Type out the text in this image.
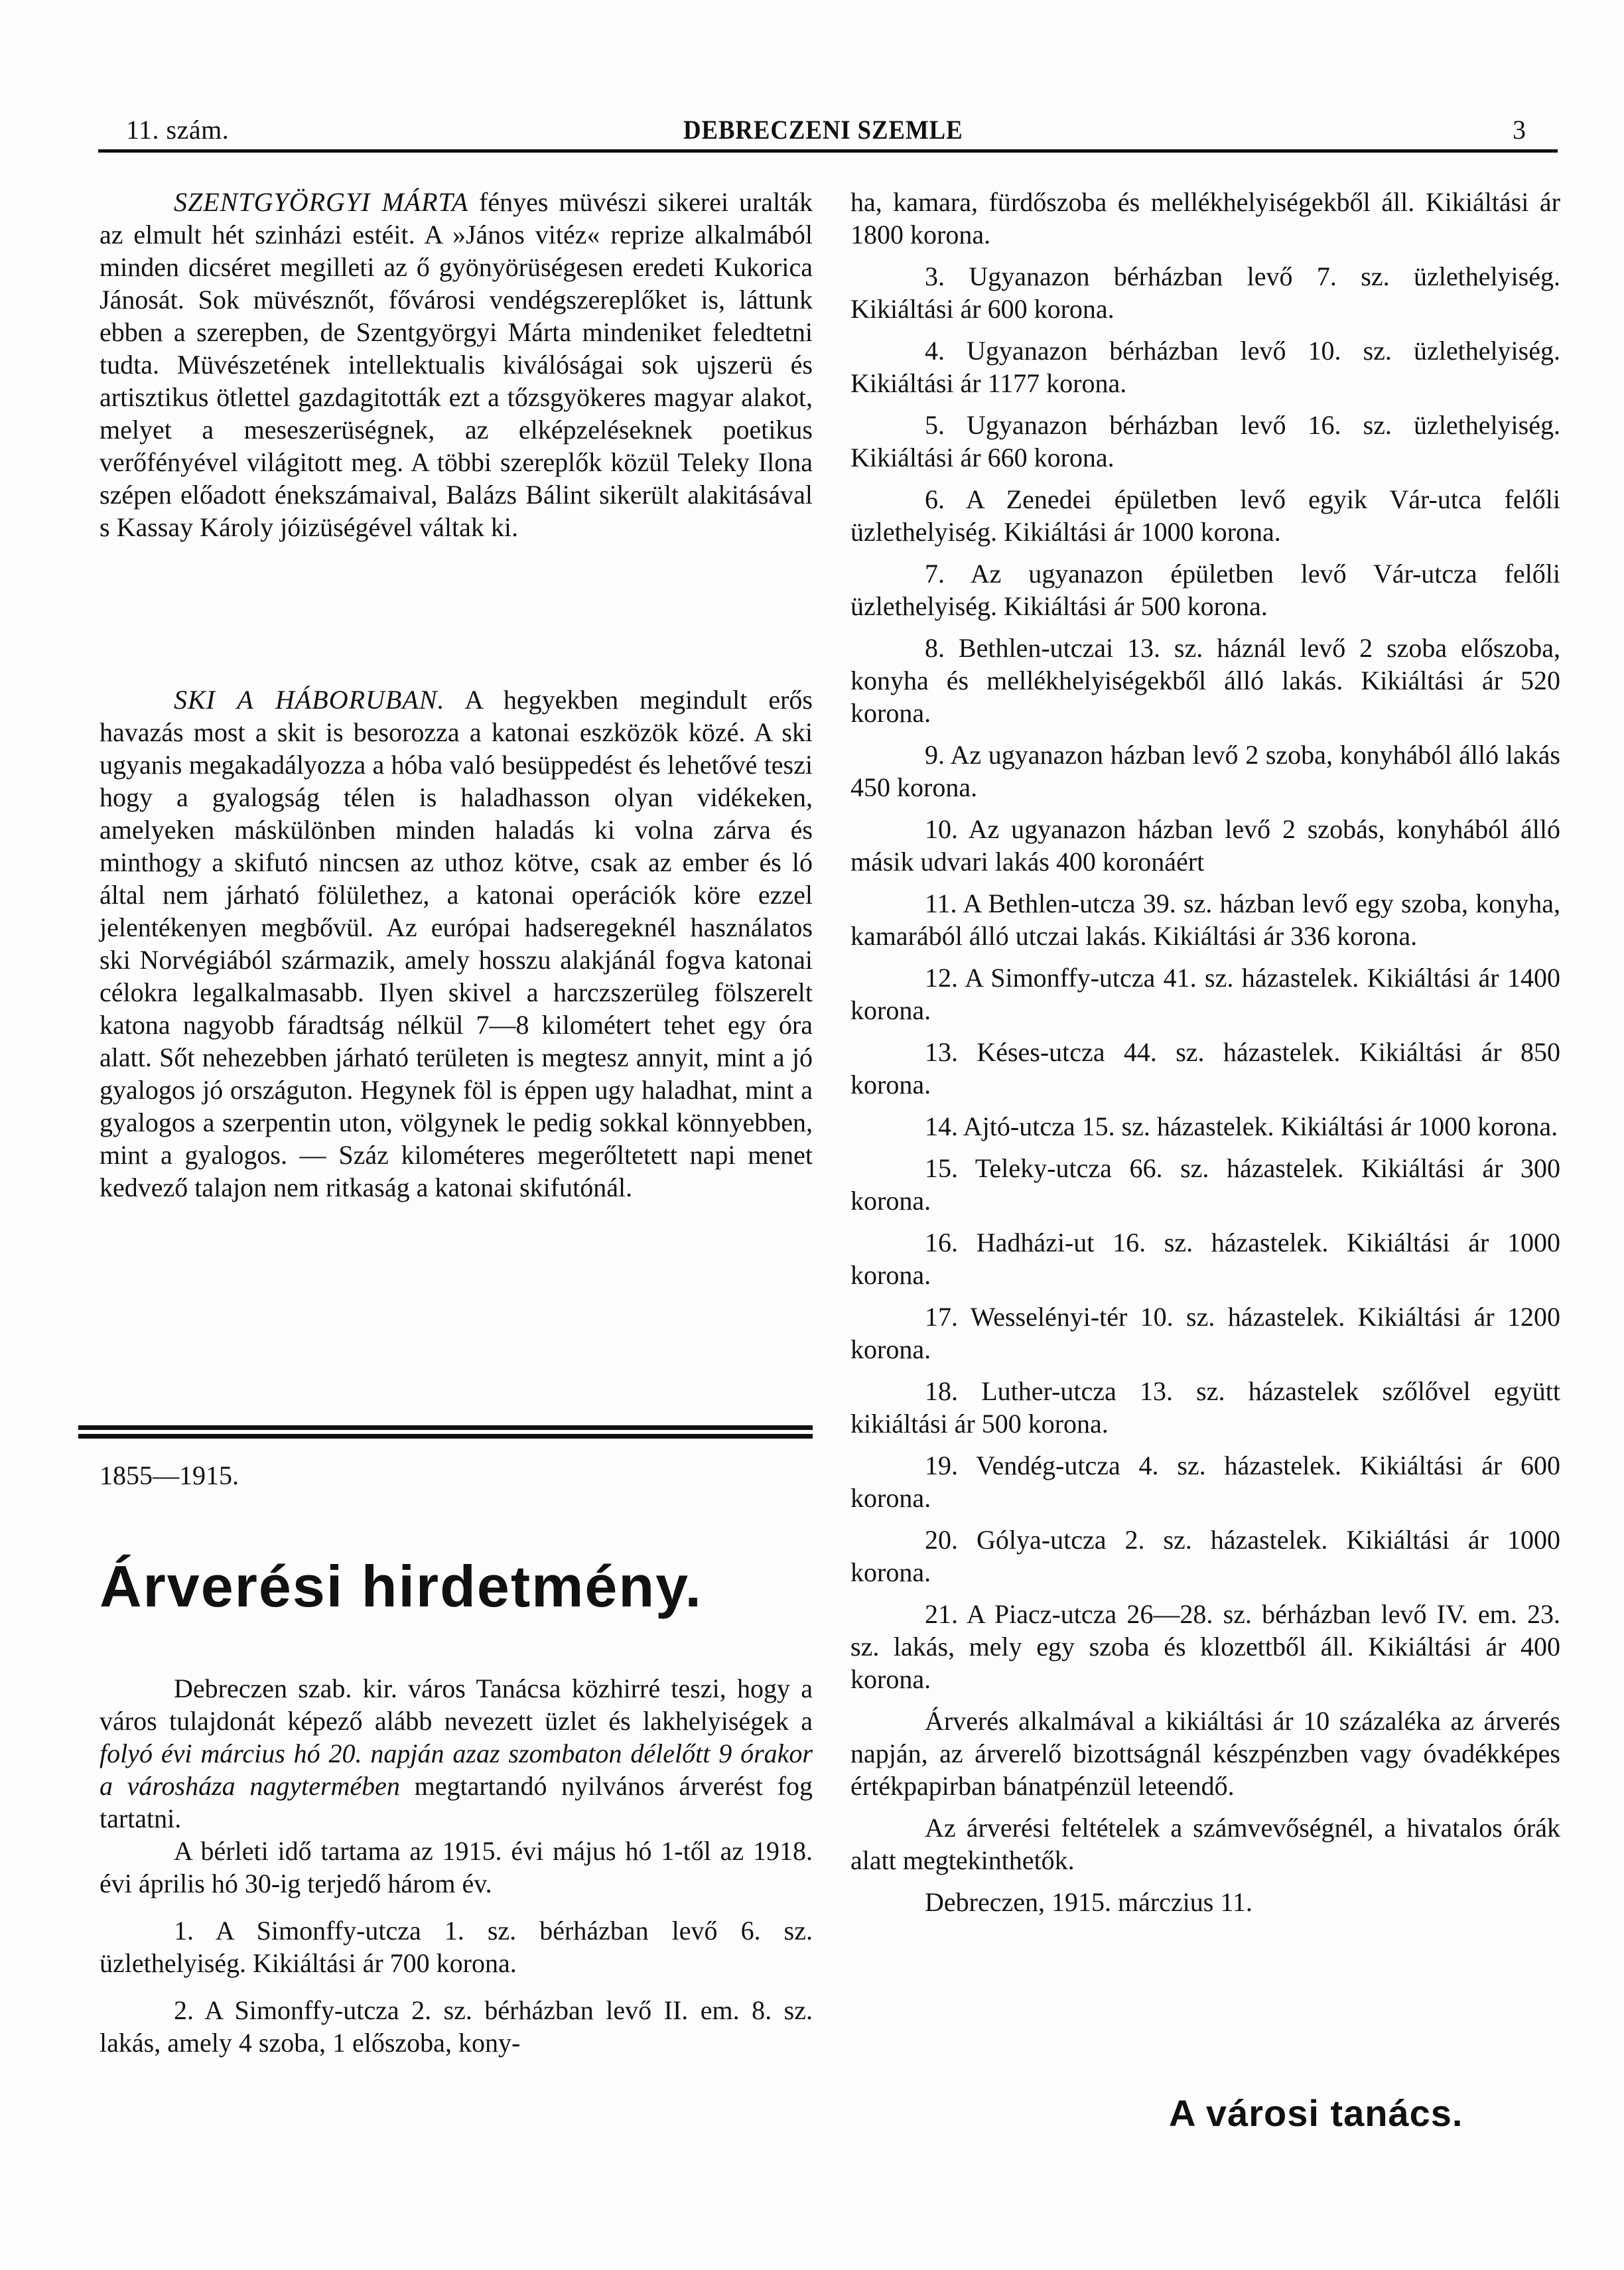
11. szám.	DEBRECZENI SZEMLE	3

SZENTGYÖRGYI MÁRTA fényes müvészi sikerei uralták az elmult hét szinházi estéit. A »János vitéz« reprize alkalmából minden dicséret megilleti az ő gyönyörüségesen eredeti Kukorica Jánosát. Sok müvésznőt, fővárosi vendégszereplőket is, láttunk ebben a szerepben, de Szentgyörgyi Márta mindeniket feledtetni tudta. Müvészetének intellektualis kiválóságai sok ujszerü és artisztikus ötlettel gazdagitották ezt a tőzsgyökeres magyar alakot, melyet a meseszerüségnek, az elképzeléseknek poetikus verőfényével világitott meg. A többi szereplők közül Teleky Ilona szépen előadott énekszámaival, Balázs Bálint sikerült alakitásával s Kassay Károly jóizüségével váltak ki.

SKI A HÁBORUBAN. A hegyekben megindult erős havazás most a skit is besorozza a katonai eszközök közé. A ski ugyanis megakadályozza a hóba való besüppedést és lehetővé teszi hogy a gyalogság télen is haladhasson olyan vidékeken, amelyeken máskülönben minden haladás ki volna zárva és minthogy a skifutó nincsen az uthoz kötve, csak az ember és ló által nem járható fölülethez, a katonai operációk köre ezzel jelentékenyen megbővül. Az európai hadseregeknél használatos ski Norvégiából származik, amely hosszu alakjánál fogva katonai célokra legalkalmasabb. Ilyen skivel a harczszerüleg fölszerelt katona nagyobb fáradtság nélkül 7—8 kilométert tehet egy óra alatt. Sőt nehezebben járható területen is megtesz annyit, mint a jó gyalogos jó országuton. Hegynek föl is éppen ugy haladhat, mint a gyalogos a szerpentin uton, völgynek le pedig sokkal könnyebben, mint a gyalogos. — Száz kilométeres megerőltetett napi menet kedvező talajon nem ritkaság a katonai skifutónál.

1855—1915.
Árverési hirdetmény.

Debreczen szab. kir. város Tanácsa közhirré teszi, hogy a város tulajdonát képező alább nevezett üzlet és lakhelyiségek a folyó évi március hó 20. napján azaz szombaton délelőtt 9 órakor a városháza nagytermében megtartandó nyilvános árverést fog tartatni.

A bérleti idő tartama az 1915. évi május hó 1-től az 1918. évi április hó 30-ig terjedő három év.

1. A Simonffy-utcza 1. sz. bérházban levő 6. sz. üzlethelyiség. Kikiáltási ár 700 korona.

2. A Simonffy-utcza 2. sz. bérházban levő II. em. 8. sz. lakás, amely 4 szoba, 1 előszoba, kony-

ha, kamara, fürdőszoba és mellékhelyiségekből áll. Kikiáltási ár 1800 korona.

3. Ugyanazon bérházban levő 7. sz. üzlethelyiség. Kikiáltási ár 600 korona.

4. Ugyanazon bérházban levő 10. sz. üzlethelyiség. Kikiáltási ár 1177 korona.

5. Ugyanazon bérházban levő 16. sz. üzlethelyiség. Kikiáltási ár 660 korona.

6. A Zenedei épületben levő egyik Vár-utca felőli üzlethelyiség. Kikiáltási ár 1000 korona.

7. Az ugyanazon épületben levő Vár-utcza felőli üzlethelyiség. Kikiáltási ár 500 korona.

8. Bethlen-utczai 13. sz. háznál levő 2 szoba előszoba, konyha és mellékhelyiségekből álló lakás. Kikiáltási ár 520 korona.

9. Az ugyanazon házban levő 2 szoba, konyhából álló lakás 450 korona.

10. Az ugyanazon házban levő 2 szobás, konyhából álló másik udvari lakás 400 koronáért

11. A Bethlen-utcza 39. sz. házban levő egy szoba, konyha, kamarából álló utczai lakás. Kikiáltási ár 336 korona.

12. A Simonffy-utcza 41. sz. házastelek. Kikiáltási ár 1400 korona.

13. Késes-utcza 44. sz. házastelek. Kikiáltási ár 850 korona.

14. Ajtó-utcza 15. sz. házastelek. Kikiáltási ár 1000 korona.

15. Teleky-utcza 66. sz. házastelek. Kikiáltási ár 300 korona.

16. Hadházi-ut 16. sz. házastelek. Kikiáltási ár 1000 korona.

17. Wesselényi-tér 10. sz. házastelek. Kikiáltási ár 1200 korona.

18. Luther-utcza 13. sz. házastelek szőlővel együtt kikiáltási ár 500 korona.

19. Vendég-utcza 4. sz. házastelek. Kikiáltási ár 600 korona.

20. Gólya-utcza 2. sz. házastelek. Kikiáltási ár 1000 korona.

21. A Piacz-utcza 26—28. sz. bérházban levő IV. em. 23. sz. lakás, mely egy szoba és klozettből áll. Kikiáltási ár 400 korona.

Árverés alkalmával a kikiáltási ár 10 százaléka az árverés napján, az árverelő bizottságnál készpénzben vagy óvadékképes értékpapirban bánatpénzül leteendő.

Az árverési feltételek a számvevőségnél, a hivatalos órák alatt megtekinthetők.

Debreczen, 1915. márczius 11.

A városi tanács.
